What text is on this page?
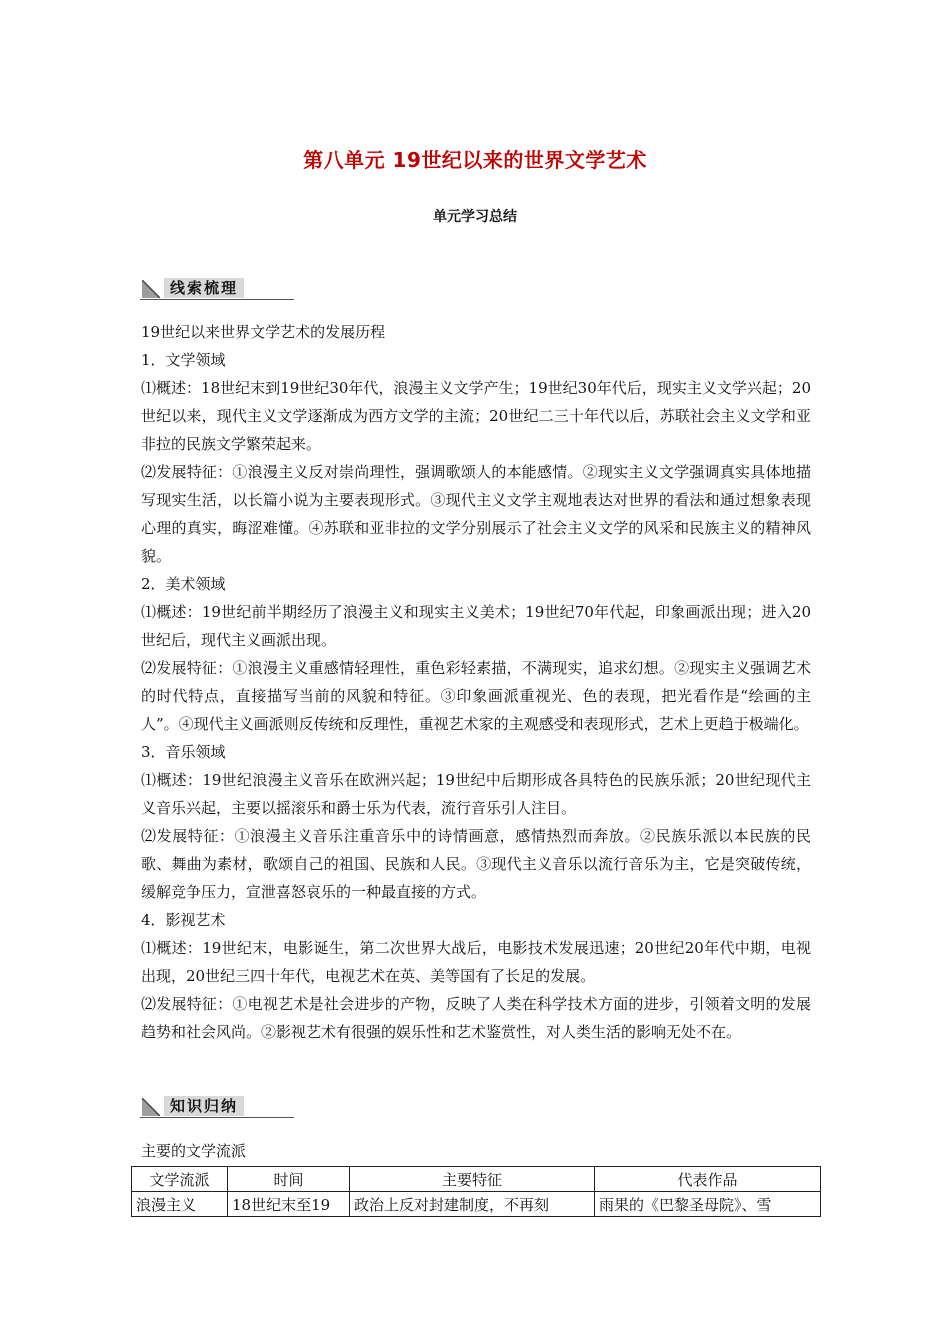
第八单元 19世纪以来的世界文学艺术
单元学习总结
线索梳理

19世纪以来世界文学艺术的发展历程

1．文学领域

⑴概述：18世纪末到19世纪30年代，浪漫主义文学产生；19世纪30年代后，现实主义文学兴起；20世纪以来，现代主义文学逐渐成为西方文学的主流；20世纪二三十年代以后，苏联社会主义文学和亚非拉的民族文学繁荣起来。

⑵发展特征：①浪漫主义反对崇尚理性，强调歌颂人的本能感情。②现实主义文学强调真实具体地描写现实生活，以长篇小说为主要表现形式。③现代主义文学主观地表达对世界的看法和通过想象表现心理的真实，晦涩难懂。④苏联和亚非拉的文学分别展示了社会主义文学的风采和民族主义的精神风貌。

2．美术领域

⑴概述：19世纪前半期经历了浪漫主义和现实主义美术；19世纪70年代起，印象画派出现；进入20世纪后，现代主义画派出现。

⑵发展特征：①浪漫主义重感情轻理性，重色彩轻素描，不满现实，追求幻想。②现实主义强调艺术的时代特点，直接描写当前的风貌和特征。③印象画派重视光、色的表现，把光看作是“绘画的主人”。④现代主义画派则反传统和反理性，重视艺术家的主观感受和表现形式，艺术上更趋于极端化。

3．音乐领域

⑴概述：19世纪浪漫主义音乐在欧洲兴起；19世纪中后期形成各具特色的民族乐派；20世纪现代主义音乐兴起，主要以摇滚乐和爵士乐为代表，流行音乐引人注目。

⑵发展特征：①浪漫主义音乐注重音乐中的诗情画意，感情热烈而奔放。②民族乐派以本民族的民歌、舞曲为素材，歌颂自己的祖国、民族和人民。③现代主义音乐以流行音乐为主，它是突破传统，缓解竞争压力，宣泄喜怒哀乐的一种最直接的方式。

4．影视艺术

⑴概述：19世纪末，电影诞生，第二次世界大战后，电影技术发展迅速；20世纪20年代中期，电视出现，20世纪三四十年代，电视艺术在英、美等国有了长足的发展。

⑵发展特征：①电视艺术是社会进步的产物，反映了人类在科学技术方面的进步，引领着文明的发展趋势和社会风尚。②影视艺术有很强的娱乐性和艺术鉴赏性，对人类生活的影响无处不在。

知识归纳
主要的文学流派
文学流派	时间	主要特征	代表作品
浪漫主义	18世纪末至19	政治上反对封建制度，不再刻	雨果的《巴黎圣母院》、雪
